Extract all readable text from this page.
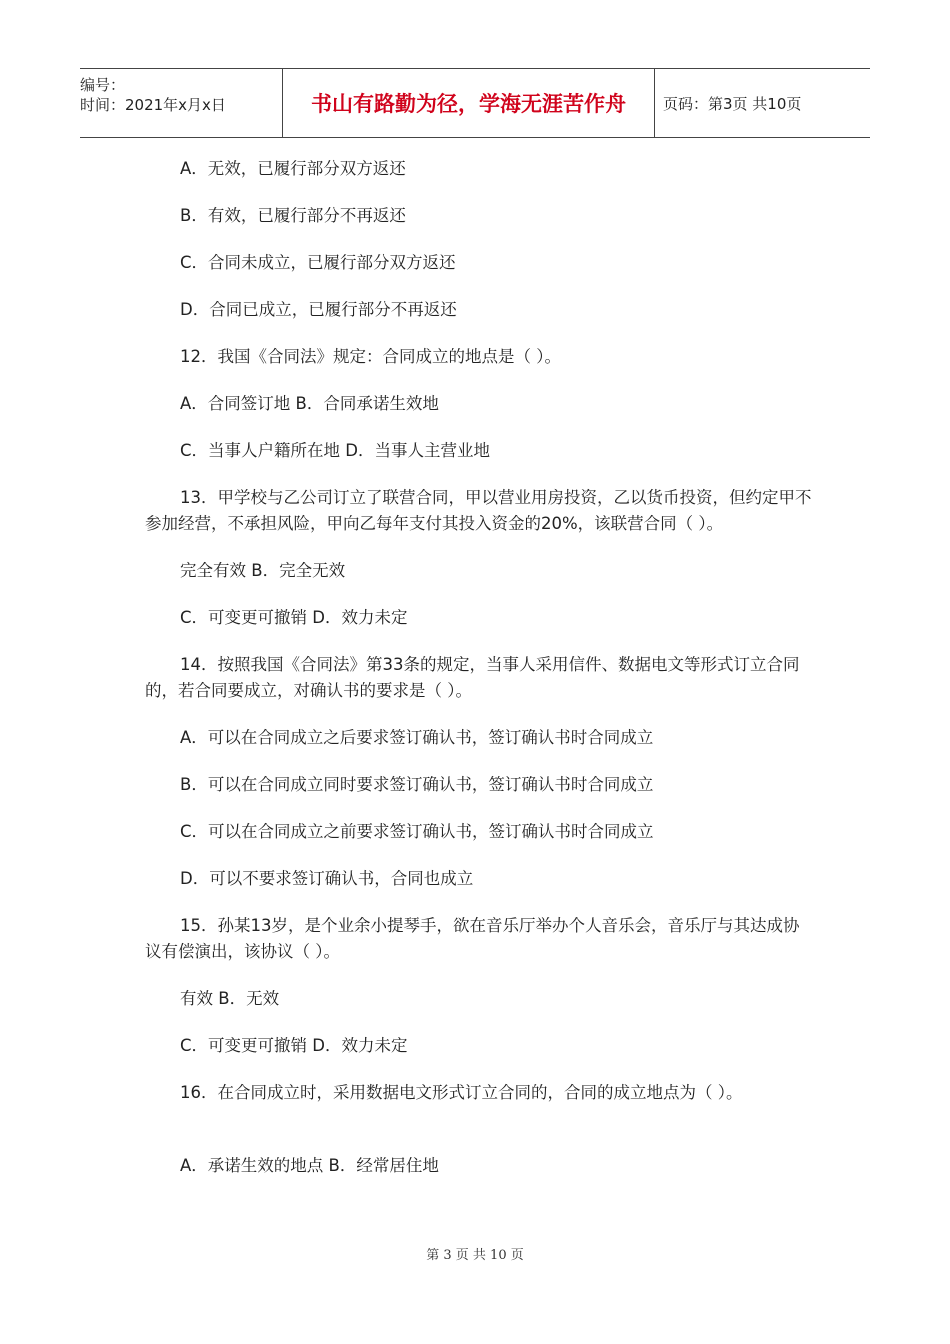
编号：
时间：2021年x月x日	书山有路勤为径，学海无涯苦作舟	页码：第3页 共10页

A．无效，已履行部分双方返还

B．有效，已履行部分不再返还

C．合同未成立，已履行部分双方返还

D．合同已成立，已履行部分不再返还

12．我国《合同法》规定：合同成立的地点是（ ）。

A．合同签订地 B．合同承诺生效地

C．当事人户籍所在地 D．当事人主营业地

13．甲学校与乙公司订立了联营合同，甲以营业用房投资，乙以货币投资，但约定甲不参加经营，不承担风险，甲向乙每年支付其投入资金的20%，该联营合同（ ）。

完全有效 B．完全无效

C．可变更可撤销 D．效力未定

14．按照我国《合同法》第33条的规定，当事人采用信件、数据电文等形式订立合同的，若合同要成立，对确认书的要求是（ ）。

A．可以在合同成立之后要求签订确认书，签订确认书时合同成立

B．可以在合同成立同时要求签订确认书，签订确认书时合同成立

C．可以在合同成立之前要求签订确认书，签订确认书时合同成立

D．可以不要求签订确认书，合同也成立

15．孙某13岁，是个业余小提琴手，欲在音乐厅举办个人音乐会，音乐厅与其达成协议有偿演出，该协议（ ）。

有效 B．无效

C．可变更可撤销 D．效力未定

16．在合同成立时，采用数据电文形式订立合同的，合同的成立地点为（ ）。

A．承诺生效的地点 B．经常居住地

第 3 页 共 10 页
